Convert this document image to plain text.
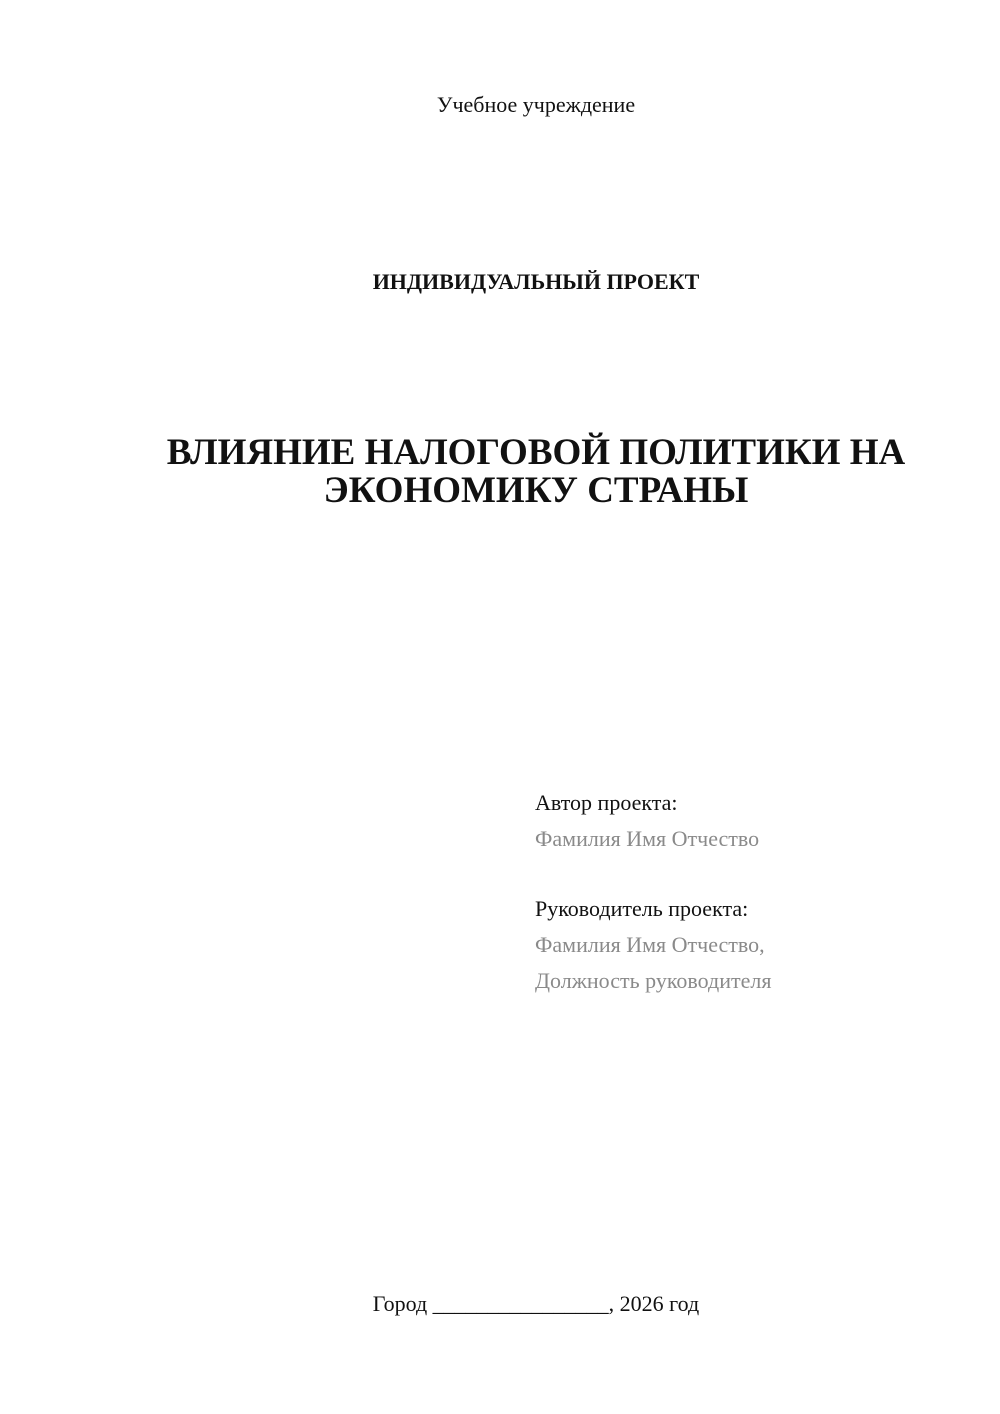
Учебное учреждение
ИНДИВИДУАЛЬНЫЙ ПРОЕКТ
ВЛИЯНИЕ НАЛОГОВОЙ ПОЛИТИКИ НА
ЭКОНОМИКУ СТРАНЫ
Автор проекта:
Фамилия Имя Отчество
Руководитель проекта:
Фамилия Имя Отчество,
Должность руководителя
Город ________________, 2026 год
